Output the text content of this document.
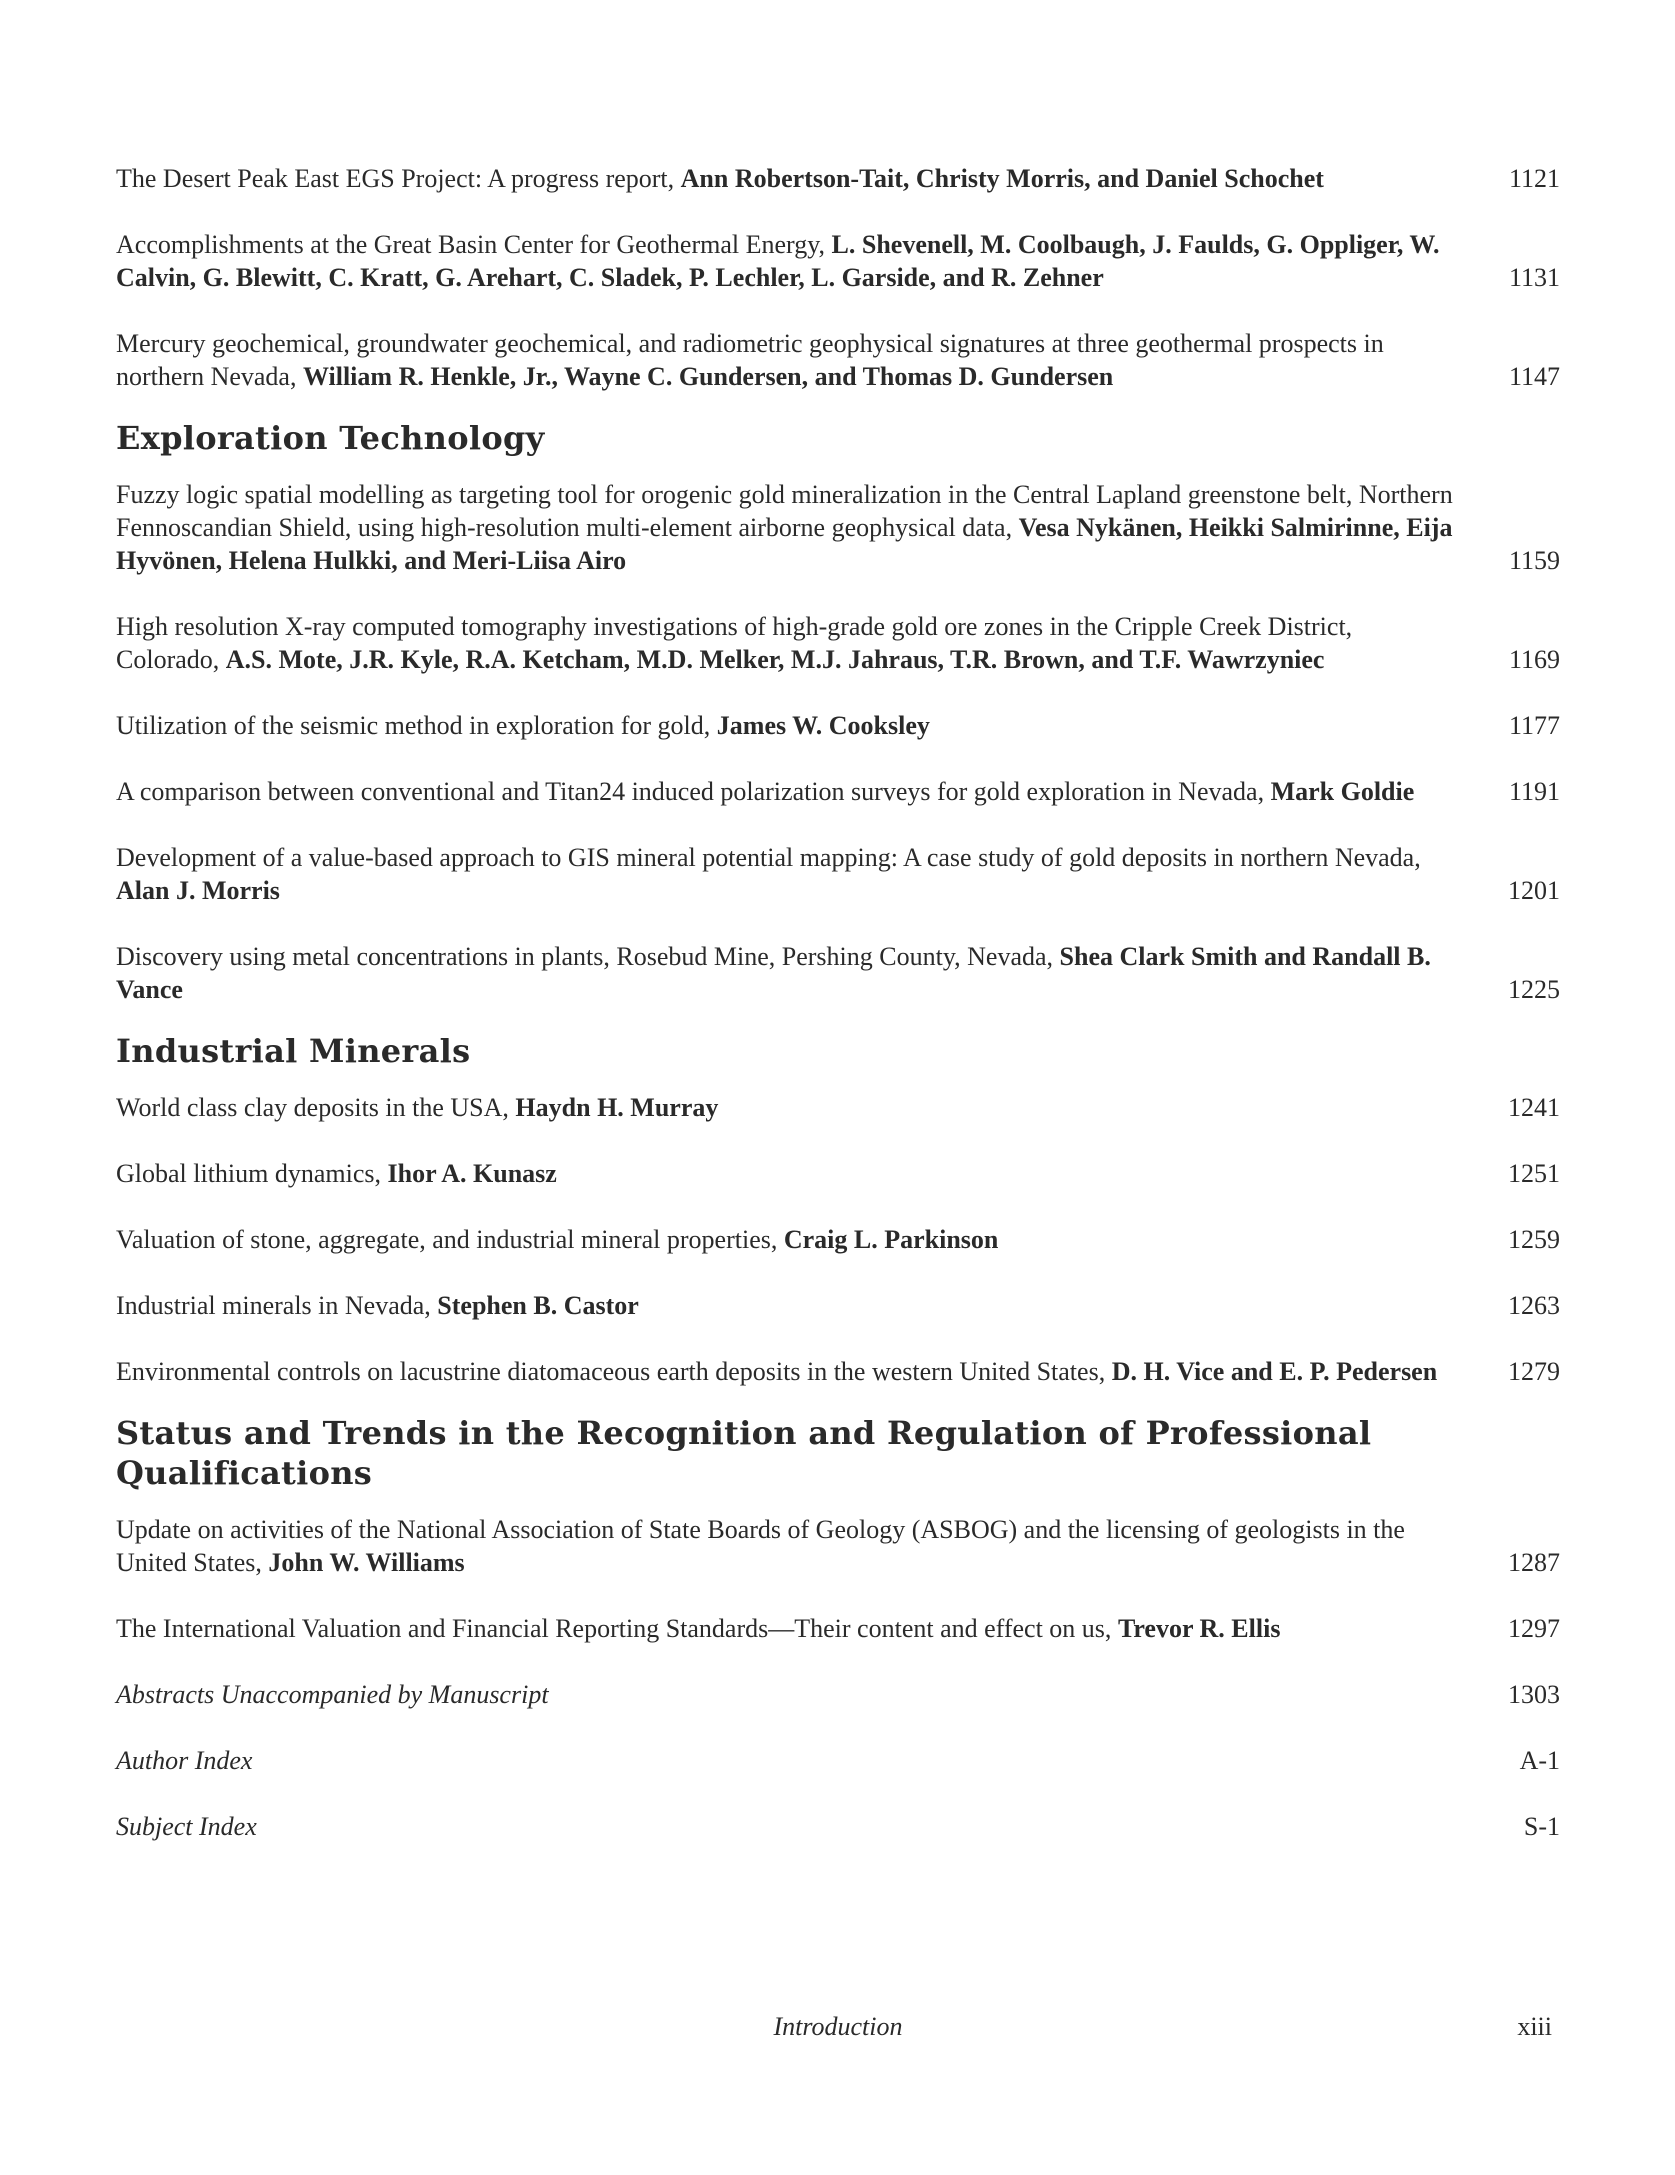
The Desert Peak East EGS Project: A progress report, Ann Robertson-Tait, Christy Morris, and Daniel Schochet	1121
Accomplishments at the Great Basin Center for Geothermal Energy, L. Shevenell, M. Coolbaugh, J. Faulds, G. Oppliger, W. Calvin, G. Blewitt, C. Kratt, G. Arehart, C. Sladek, P. Lechler, L. Garside, and R. Zehner	1131
Mercury geochemical, groundwater geochemical, and radiometric geophysical signatures at three geothermal prospects in northern Nevada, William R. Henkle, Jr., Wayne C. Gundersen, and Thomas D. Gundersen	1147
Exploration Technology
Fuzzy logic spatial modelling as targeting tool for orogenic gold mineralization in the Central Lapland greenstone belt, Northern Fennoscandian Shield, using high-resolution multi-element airborne geophysical data, Vesa Nykänen, Heikki Salmirinne, Eija Hyvönen, Helena Hulkki, and Meri-Liisa Airo	1159
High resolution X-ray computed tomography investigations of high-grade gold ore zones in the Cripple Creek District, Colorado, A.S. Mote, J.R. Kyle, R.A. Ketcham, M.D. Melker, M.J. Jahraus, T.R. Brown, and T.F. Wawrzyniec	1169
Utilization of the seismic method in exploration for gold, James W. Cooksley	1177
A comparison between conventional and Titan24 induced polarization surveys for gold exploration in Nevada, Mark Goldie	1191
Development of a value-based approach to GIS mineral potential mapping: A case study of gold deposits in northern Nevada, Alan J. Morris	1201
Discovery using metal concentrations in plants, Rosebud Mine, Pershing County, Nevada, Shea Clark Smith and Randall B. Vance	1225
Industrial Minerals
World class clay deposits in the USA, Haydn H. Murray	1241
Global lithium dynamics, Ihor A. Kunasz	1251
Valuation of stone, aggregate, and industrial mineral properties, Craig L. Parkinson	1259
Industrial minerals in Nevada, Stephen B. Castor	1263
Environmental controls on lacustrine diatomaceous earth deposits in the western United States, D. H. Vice and E. P. Pedersen	1279
Status and Trends in the Recognition and Regulation of Professional Qualifications
Update on activities of the National Association of State Boards of Geology (ASBOG) and the licensing of geologists in the United States, John W. Williams	1287
The International Valuation and Financial Reporting Standards—Their content and effect on us, Trevor R. Ellis	1297
Abstracts Unaccompanied by Manuscript	1303
Author Index	A-1
Subject Index	S-1
Introduction	xiii
